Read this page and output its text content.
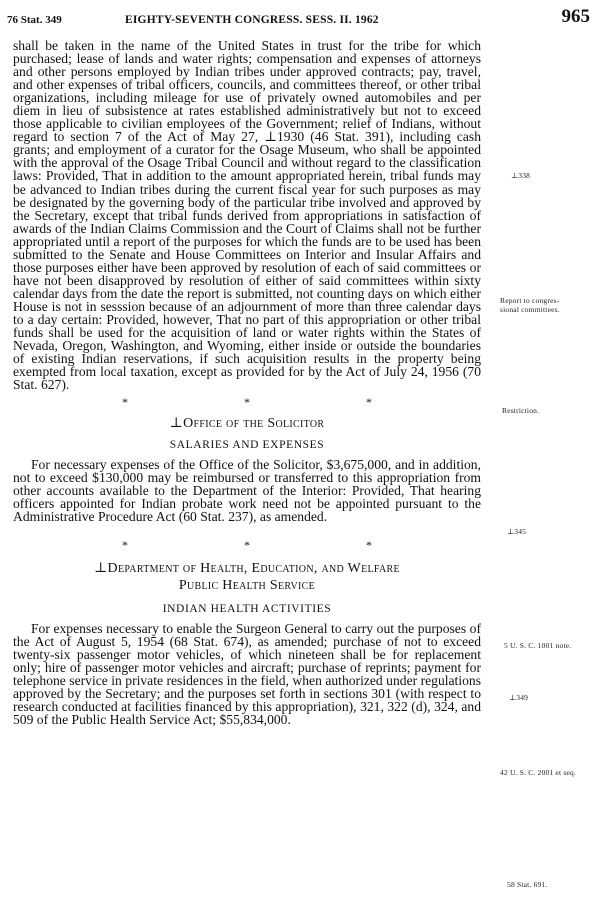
76 Stat. 349	EIGHTY-SEVENTH CONGRESS. SESS. II. 1962	965

shall be taken in the name of the United States in trust for the tribe for which purchased; lease of lands and water rights; compensation and expenses of attorneys and other persons employed by Indian tribes under approved contracts; pay, travel, and other expenses of tribal officers, councils, and committees thereof, or other tribal organizations, including mileage for use of privately owned automobiles and per diem in lieu of subsistence at rates established administratively but not to exceed those applicable to civilian employees of the Government; relief of Indians, without regard to section 7 of the Act of May 27, ⊥1930 (46 Stat. 391), including cash grants; and employment of a curator for the Osage Museum, who shall be appointed with the approval of the Osage Tribal Council and without regard to the classification laws: Provided, That in addition to the amount appropriated herein, tribal funds may be advanced to Indian tribes during the current fiscal year for such purposes as may be designated by the governing body of the particular tribe involved and approved by the Secretary, except that tribal funds derived from appropriations in satisfaction of awards of the Indian Claims Commission and the Court of Claims shall not be further appropriated until a report of the purposes for which the funds are to be used has been submitted to the Senate and House Committees on Interior and Insular Affairs and those purposes either have been approved by resolution of each of said committees or have not been disapproved by resolution of either of said committees within sixty calendar days from the date the report is submitted, not counting days on which either House is not in sesssion because of an adjournment of more than three calendar days to a day certain: Provided, however, That no part of this appropriation or other tribal funds shall be used for the acquisition of land or water rights within the States of Nevada, Oregon, Washington, and Wyoming, either inside or outside the boundaries of existing Indian reservations, if such acquisition results in the property being exempted from local taxation, except as provided for by the Act of July 24, 1956 (70 Stat. 627).

*	*	*
⊥Office of the Solicitor
SALARIES AND EXPENSES

For necessary expenses of the Office of the Solicitor, $3,675,000, and in addition, not to exceed $130,000 may be reimbursed or transferred to this appropriation from other accounts available to the Department of the Interior: Provided, That hearing officers appointed for Indian probate work need not be appointed pursuant to the Administrative Procedure Act (60 Stat. 237), as amended.

*	*	*
⊥Department of Health, Education, and Welfare
Public Health Service
INDIAN HEALTH ACTIVITIES

For expenses necessary to enable the Surgeon General to carry out the purposes of the Act of August 5, 1954 (68 Stat. 674), as amended; purchase of not to exceed twenty-six passenger motor vehicles, of which nineteen shall be for replacement only; hire of passenger motor vehicles and aircraft; purchase of reprints; payment for telephone service in private residences in the field, when authorized under regulations approved by the Secretary; and the purposes set forth in sections 301 (with respect to research conducted at facilities financed by this appropriation), 321, 322 (d), 324, and 509 of the Public Health Service Act; $55,834,000.

⊥338
Report to congres-
sional committees.
Restriction.
⊥345
5 U. S. C. 1001 note.
⊥349
42 U. S. C. 2001 et seq.
58 Stat. 691.
